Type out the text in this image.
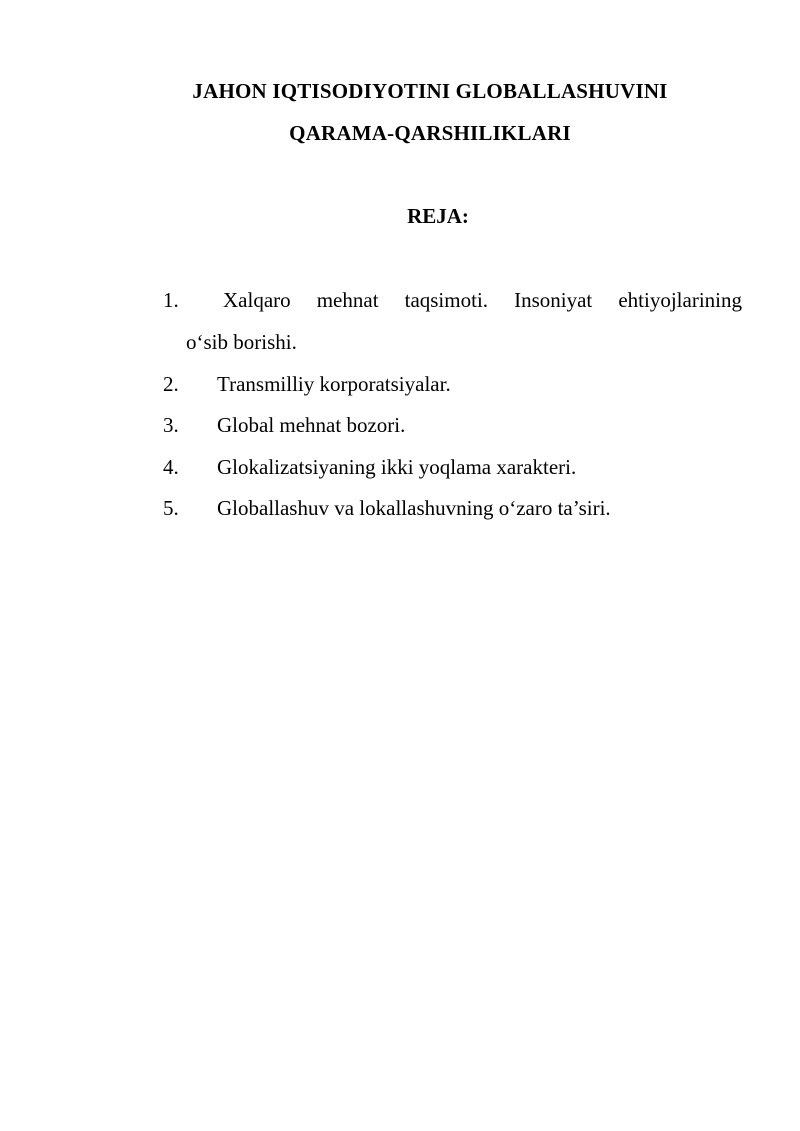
JAHON IQTISODIYOTINI GLOBALLASHUVINI
QARAMA-QARSHILIKLARI
REJA:
1. Xalqaro mehnat taqsimoti. Insoniyat ehtiyojlarining
o‘sib borishi.
2. Transmilliy korporatsiyalar.
3. Global mehnat bozori.
4. Glokalizatsiyaning ikki yoqlama xarakteri.
5. Globallashuv va lokallashuvning o‘zaro ta’siri.
